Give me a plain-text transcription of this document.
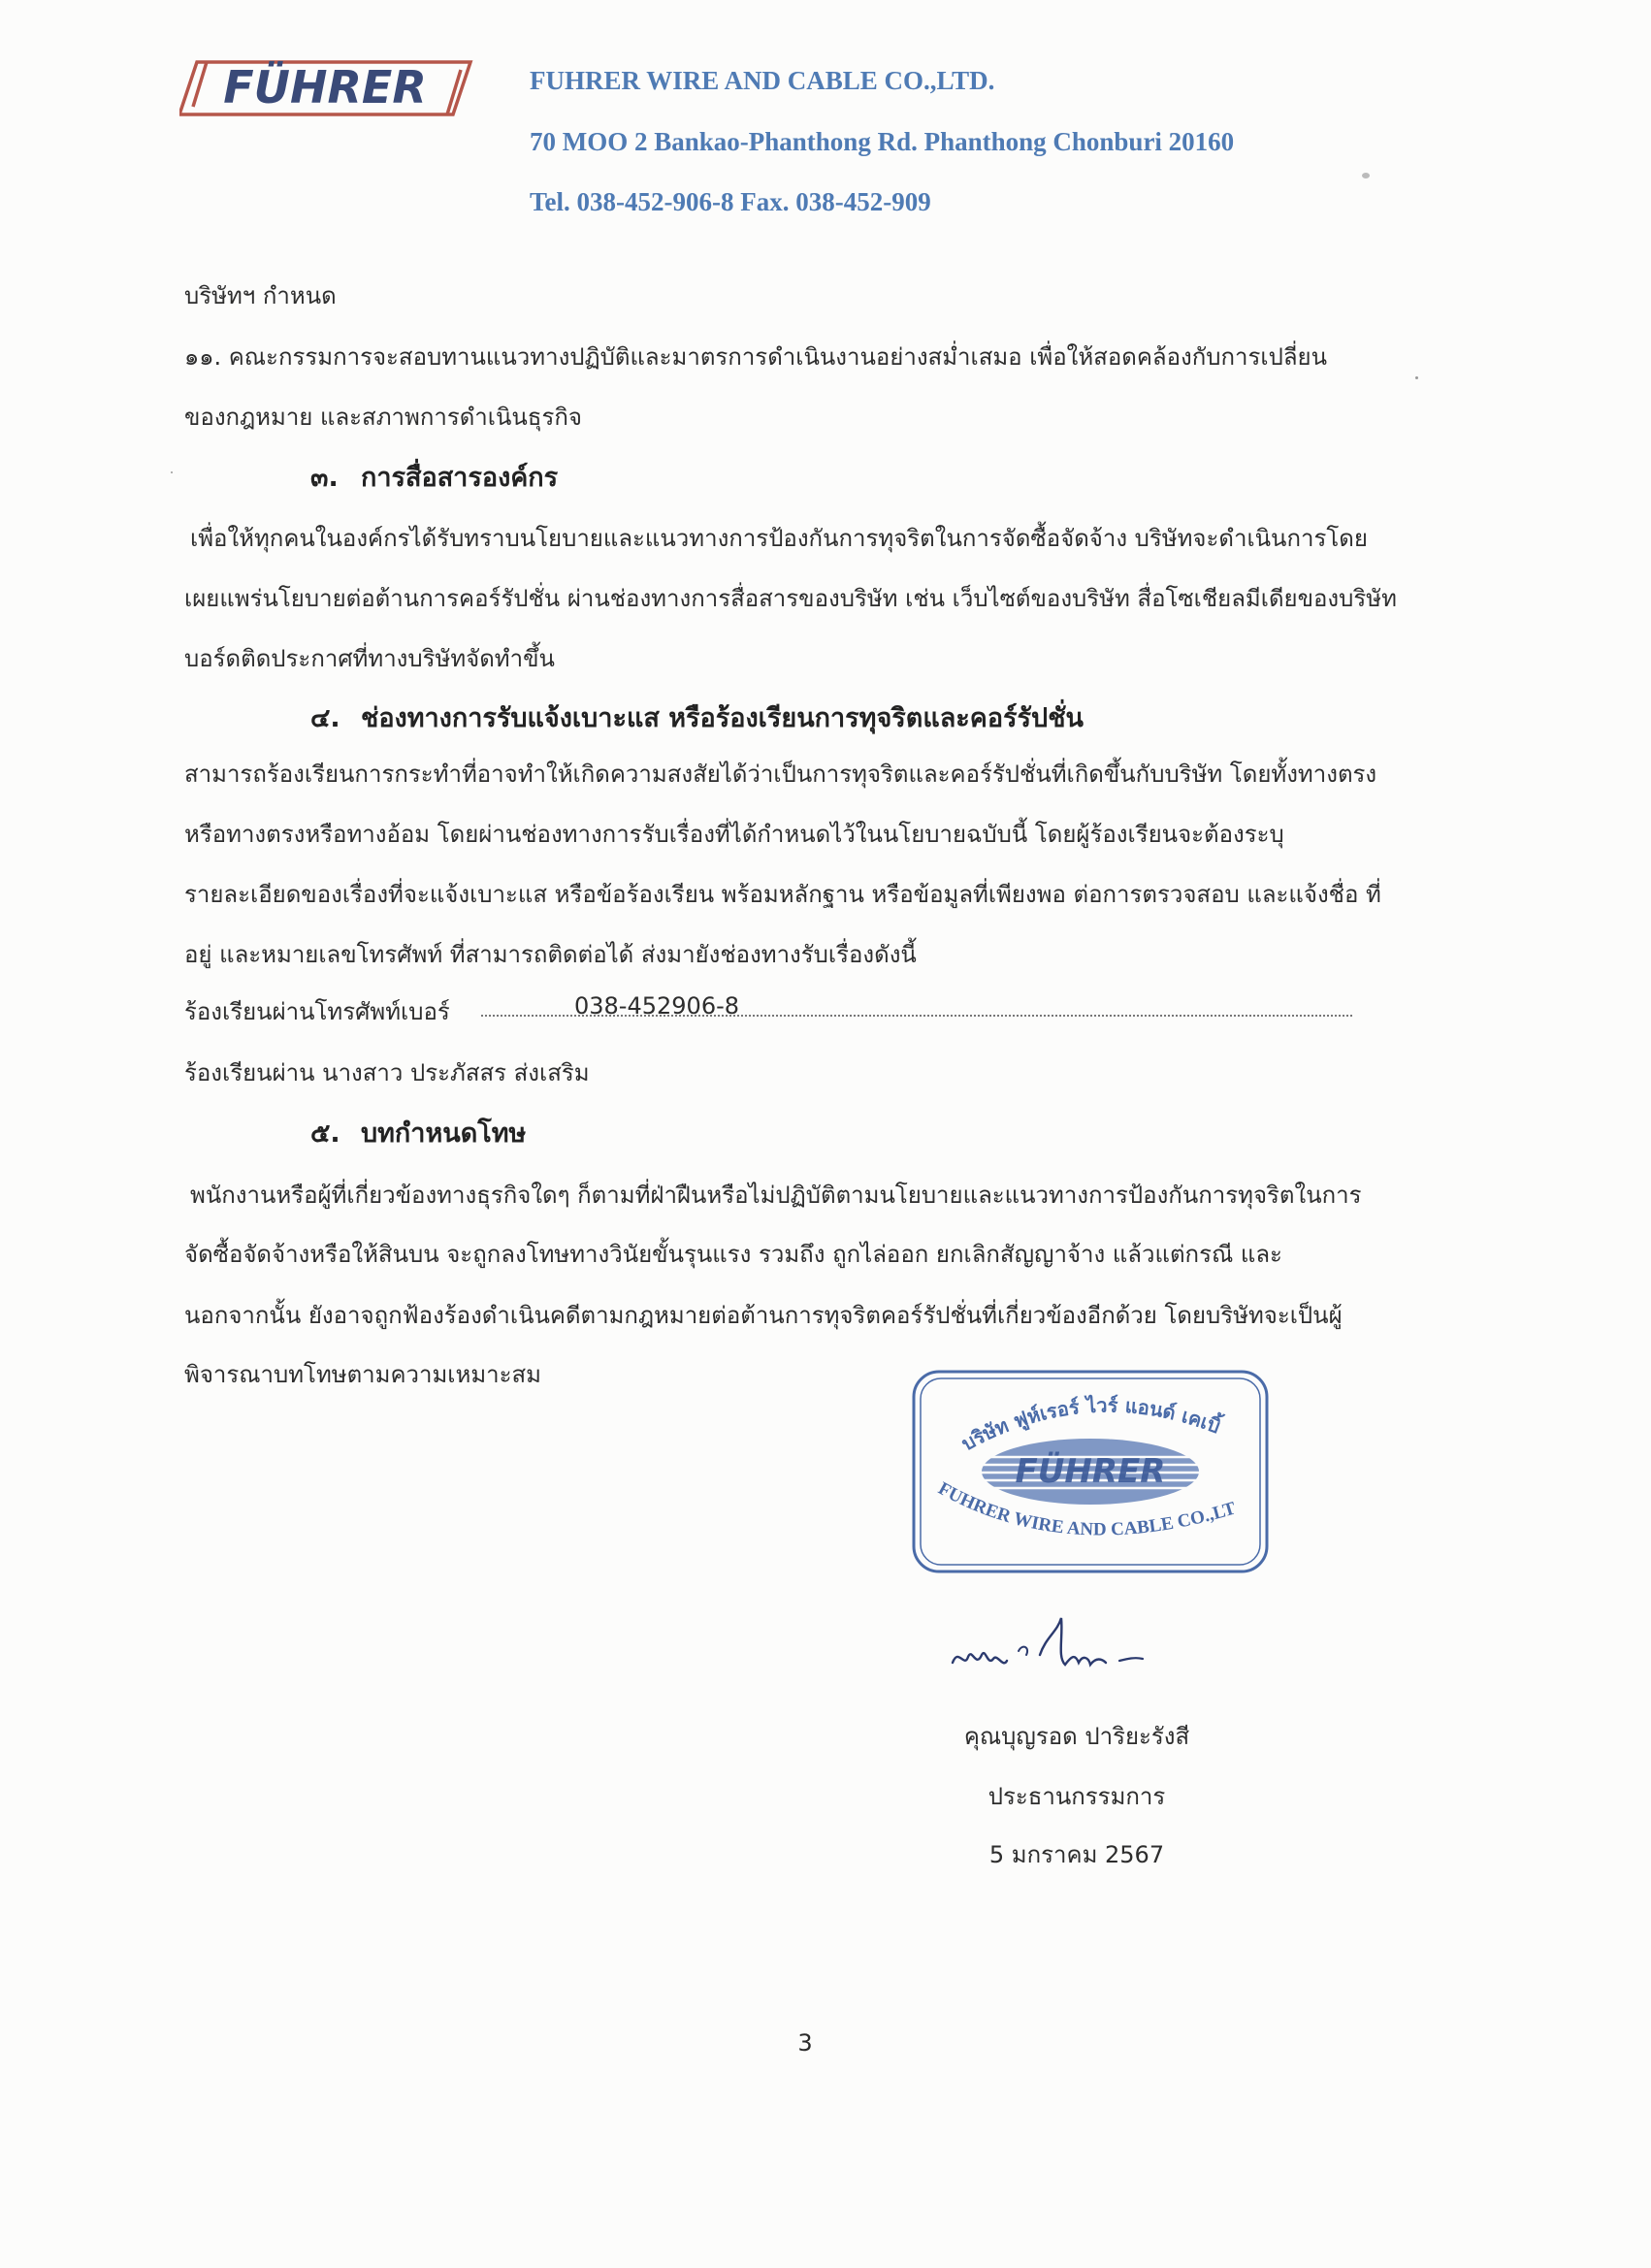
FÜHRER	FUHRER WIRE AND CABLE CO.,LTD.
70 MOO 2 Bankao-Phanthong Rd. Phanthong Chonburi 20160
Tel. 038-452-906-8 Fax. 038-452-909
บริษัทฯ กำหนด
๑๑. คณะกรรมการจะสอบทานแนวทางปฏิบัติและมาตรการดำเนินงานอย่างสม่ำเสมอ เพื่อให้สอดคล้องกับการเปลี่ยน
ของกฎหมาย และสภาพการดำเนินธุรกิจ
๓. การสื่อสารองค์กร
เพื่อให้ทุกคนในองค์กรได้รับทราบนโยบายและแนวทางการป้องกันการทุจริตในการจัดซื้อจัดจ้าง บริษัทจะดำเนินการโดย
เผยแพร่นโยบายต่อต้านการคอร์รัปชั่น ผ่านช่องทางการสื่อสารของบริษัท เช่น เว็บไซต์ของบริษัท สื่อโซเชียลมีเดียของบริษัท
บอร์ดติดประกาศที่ทางบริษัทจัดทำขึ้น
๔. ช่องทางการรับแจ้งเบาะแส หรือร้องเรียนการทุจริตและคอร์รัปชั่น
สามารถร้องเรียนการกระทำที่อาจทำให้เกิดความสงสัยได้ว่าเป็นการทุจริตและคอร์รัปชั่นที่เกิดขึ้นกับบริษัท โดยทั้งทางตรง
หรือทางตรงหรือทางอ้อม โดยผ่านช่องทางการรับเรื่องที่ได้กำหนดไว้ในนโยบายฉบับนี้ โดยผู้ร้องเรียนจะต้องระบุ
รายละเอียดของเรื่องที่จะแจ้งเบาะแส หรือข้อร้องเรียน พร้อมหลักฐาน หรือข้อมูลที่เพียงพอ ต่อการตรวจสอบ และแจ้งชื่อ ที่
อยู่ และหมายเลขโทรศัพท์ ที่สามารถติดต่อได้ ส่งมายังช่องทางรับเรื่องดังนี้
ร้องเรียนผ่านโทรศัพท์เบอร์	038-452906-8
ร้องเรียนผ่าน นางสาว ประภัสสร ส่งเสริม
๕. บทกำหนดโทษ
พนักงานหรือผู้ที่เกี่ยวข้องทางธุรกิจใดๆ ก็ตามที่ฝ่าฝืนหรือไม่ปฏิบัติตามนโยบายและแนวทางการป้องกันการทุจริตในการ
จัดซื้อจัดจ้างหรือให้สินบน จะถูกลงโทษทางวินัยขั้นรุนแรง รวมถึง ถูกไล่ออก ยกเลิกสัญญาจ้าง แล้วแต่กรณี และ
นอกจากนั้น ยังอาจถูกฟ้องร้องดำเนินคดีตามกฎหมายต่อต้านการทุจริตคอร์รัปชั่นที่เกี่ยวข้องอีกด้วย โดยบริษัทจะเป็นผู้
พิจารณาบทโทษตามความเหมาะสม
FÜHRER
บริษัท ฟูห์เรอร์ ไวร์ แอนด์ เคเบิ้
FUHRER WIRE AND CABLE CO.,LT
คุณบุญรอด ปาริยะรังสี
ประธานกรรมการ
5 มกราคม 2567
3
